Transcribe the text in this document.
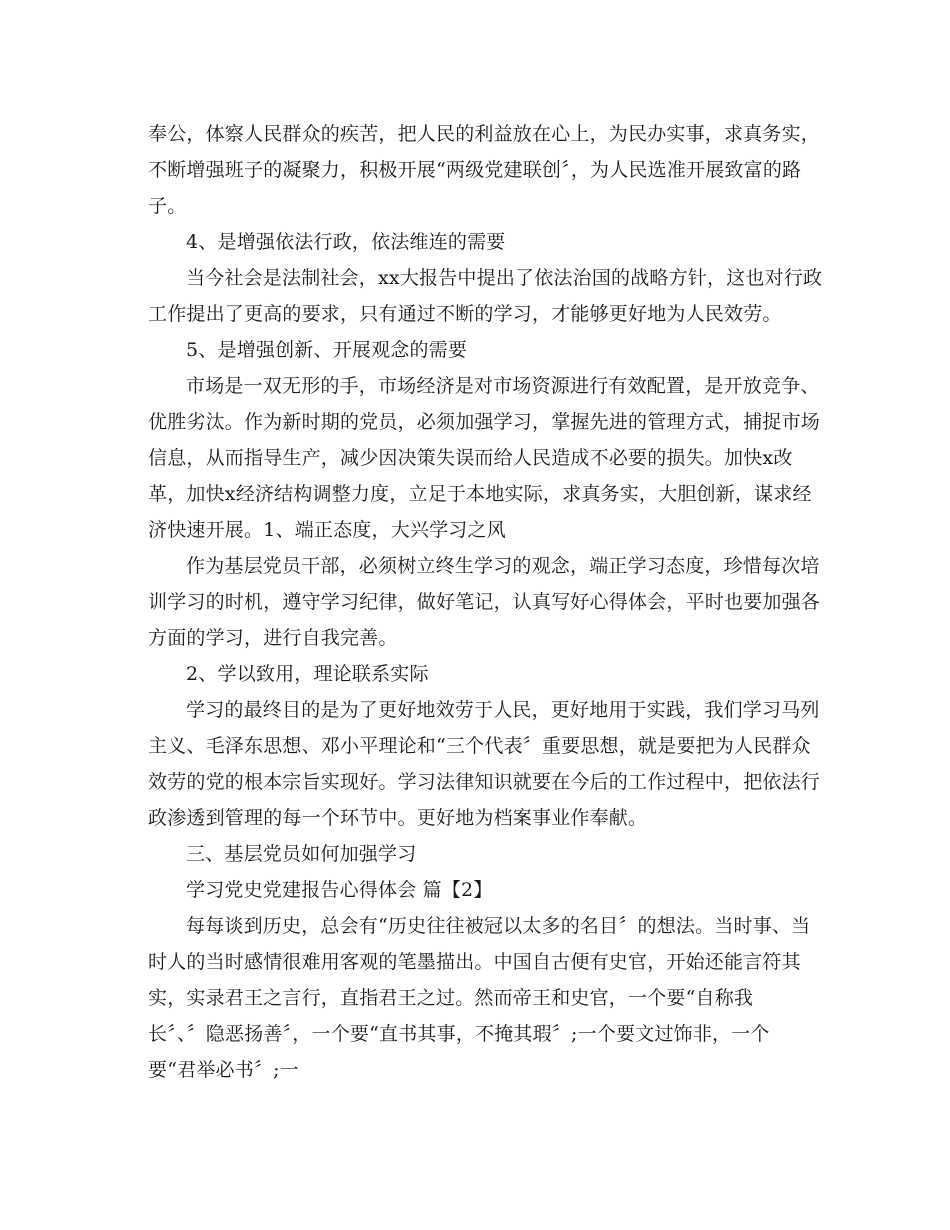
奉公，体察人民群众的疾苦，把人民的利益放在心上，为民办实事，求真务实，
不断增强班子的凝聚力，积极开展“两级党建联创〞，为人民选准开展致富的路
子。
4、是增强依法行政，依法维连的需要
当今社会是法制社会，xx大报告中提出了依法治国的战略方针，这也对行政
工作提出了更高的要求，只有通过不断的学习，才能够更好地为人民效劳。
5、是增强创新、开展观念的需要
市场是一双无形的手，市场经济是对市场资源进行有效配置，是开放竞争、
优胜劣汰。作为新时期的党员，必须加强学习，掌握先进的管理方式，捕捉市场
信息，从而指导生产，减少因决策失误而给人民造成不必要的损失。加快x改
革，加快x经济结构调整力度，立足于本地实际，求真务实，大胆创新，谋求经
济快速开展。1、端正态度，大兴学习之风
作为基层党员干部，必须树立终生学习的观念，端正学习态度，珍惜每次培
训学习的时机，遵守学习纪律，做好笔记，认真写好心得体会，平时也要加强各
方面的学习，进行自我完善。
2、学以致用，理论联系实际
学习的最终目的是为了更好地效劳于人民，更好地用于实践，我们学习马列
主义、毛泽东思想、邓小平理论和“三个代表〞重要思想，就是要把为人民群众
效劳的党的根本宗旨实现好。学习法律知识就要在今后的工作过程中，把依法行
政渗透到管理的每一个环节中。更好地为档案事业作奉献。
三、基层党员如何加强学习
学习党史党建报告心得体会 篇【2】
每每谈到历史，总会有“历史往往被冠以太多的名目〞的想法。当时事、当
时人的当时感情很难用客观的笔墨描出。中国自古便有史官，开始还能言符其
实，实录君王之言行，直指君王之过。然而帝王和史官，一个要“自称我
长〞、〞隐恶扬善〞，一个要“直书其事，不掩其瑕〞;一个要文过饰非，一个
要“君举必书〞;一
